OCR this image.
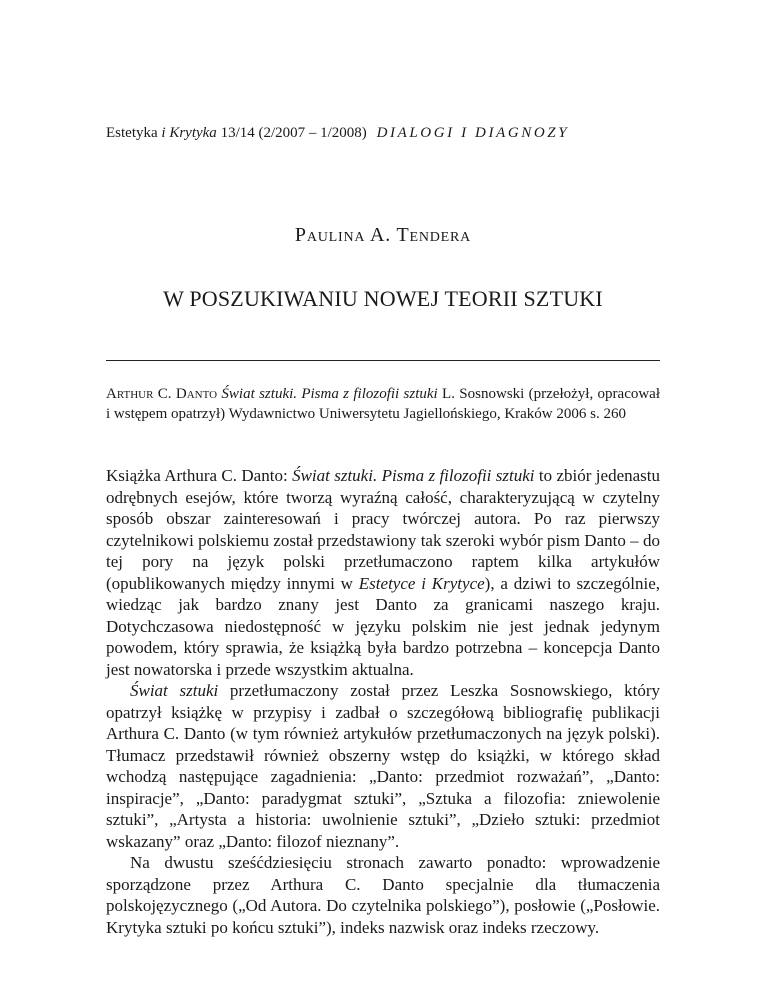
Estetyka i Krytyka 13/14 (2/2007 – 1/2008) DIALOGI I DIAGNOZY
Paulina A. Tendera
W POSZUKIWANIU NOWEJ TEORII SZTUKI
Arthur C. Danto Świat sztuki. Pisma z filozofii sztuki L. Sosnowski (przełożył, opracował i wstępem opatrzył) Wydawnictwo Uniwersytetu Jagiellońskiego, Kraków 2006 s. 260

Książka Arthura C. Danto: Świat sztuki. Pisma z filozofii sztuki to zbiór jedenastu odrębnych esejów, które tworzą wyraźną całość, charakteryzującą w czytelny sposób obszar zainteresowań i pracy twórczej autora. Po raz pierwszy czytelnikowi polskiemu został przedstawiony tak szeroki wybór pism Danto – do tej pory na język polski przetłumaczono raptem kilka artykułów (opublikowanych między innymi w Estetyce i Krytyce), a dziwi to szczególnie, wiedząc jak bardzo znany jest Danto za granicami naszego kraju. Dotychczasowa niedostępność w języku polskim nie jest jednak jedynym powodem, który sprawia, że książką była bardzo potrzebna – koncepcja Danto jest nowatorska i przede wszystkim aktualna.

Świat sztuki przetłumaczony został przez Leszka Sosnowskiego, który opatrzył książkę w przypisy i zadbał o szczegółową bibliografię publikacji Arthura C. Danto (w tym również artykułów przetłumaczonych na język polski). Tłumacz przedstawił również obszerny wstęp do książki, w którego skład wchodzą następujące zagadnienia: „Danto: przedmiot rozważań”, „Danto: inspiracje”, „Danto: paradygmat sztuki”, „Sztuka a filozofia: zniewolenie sztuki”, „Artysta a historia: uwolnienie sztuki”, „Dzieło sztuki: przedmiot wskazany” oraz „Danto: filozof nieznany”.

Na dwustu sześćdziesięciu stronach zawarto ponadto: wprowadzenie sporządzone przez Arthura C. Danto specjalnie dla tłumaczenia polskojęzycznego („Od Autora. Do czytelnika polskiego”), posłowie („Posłowie. Krytyka sztuki po końcu sztuki”), indeks nazwisk oraz indeks rzeczowy.
